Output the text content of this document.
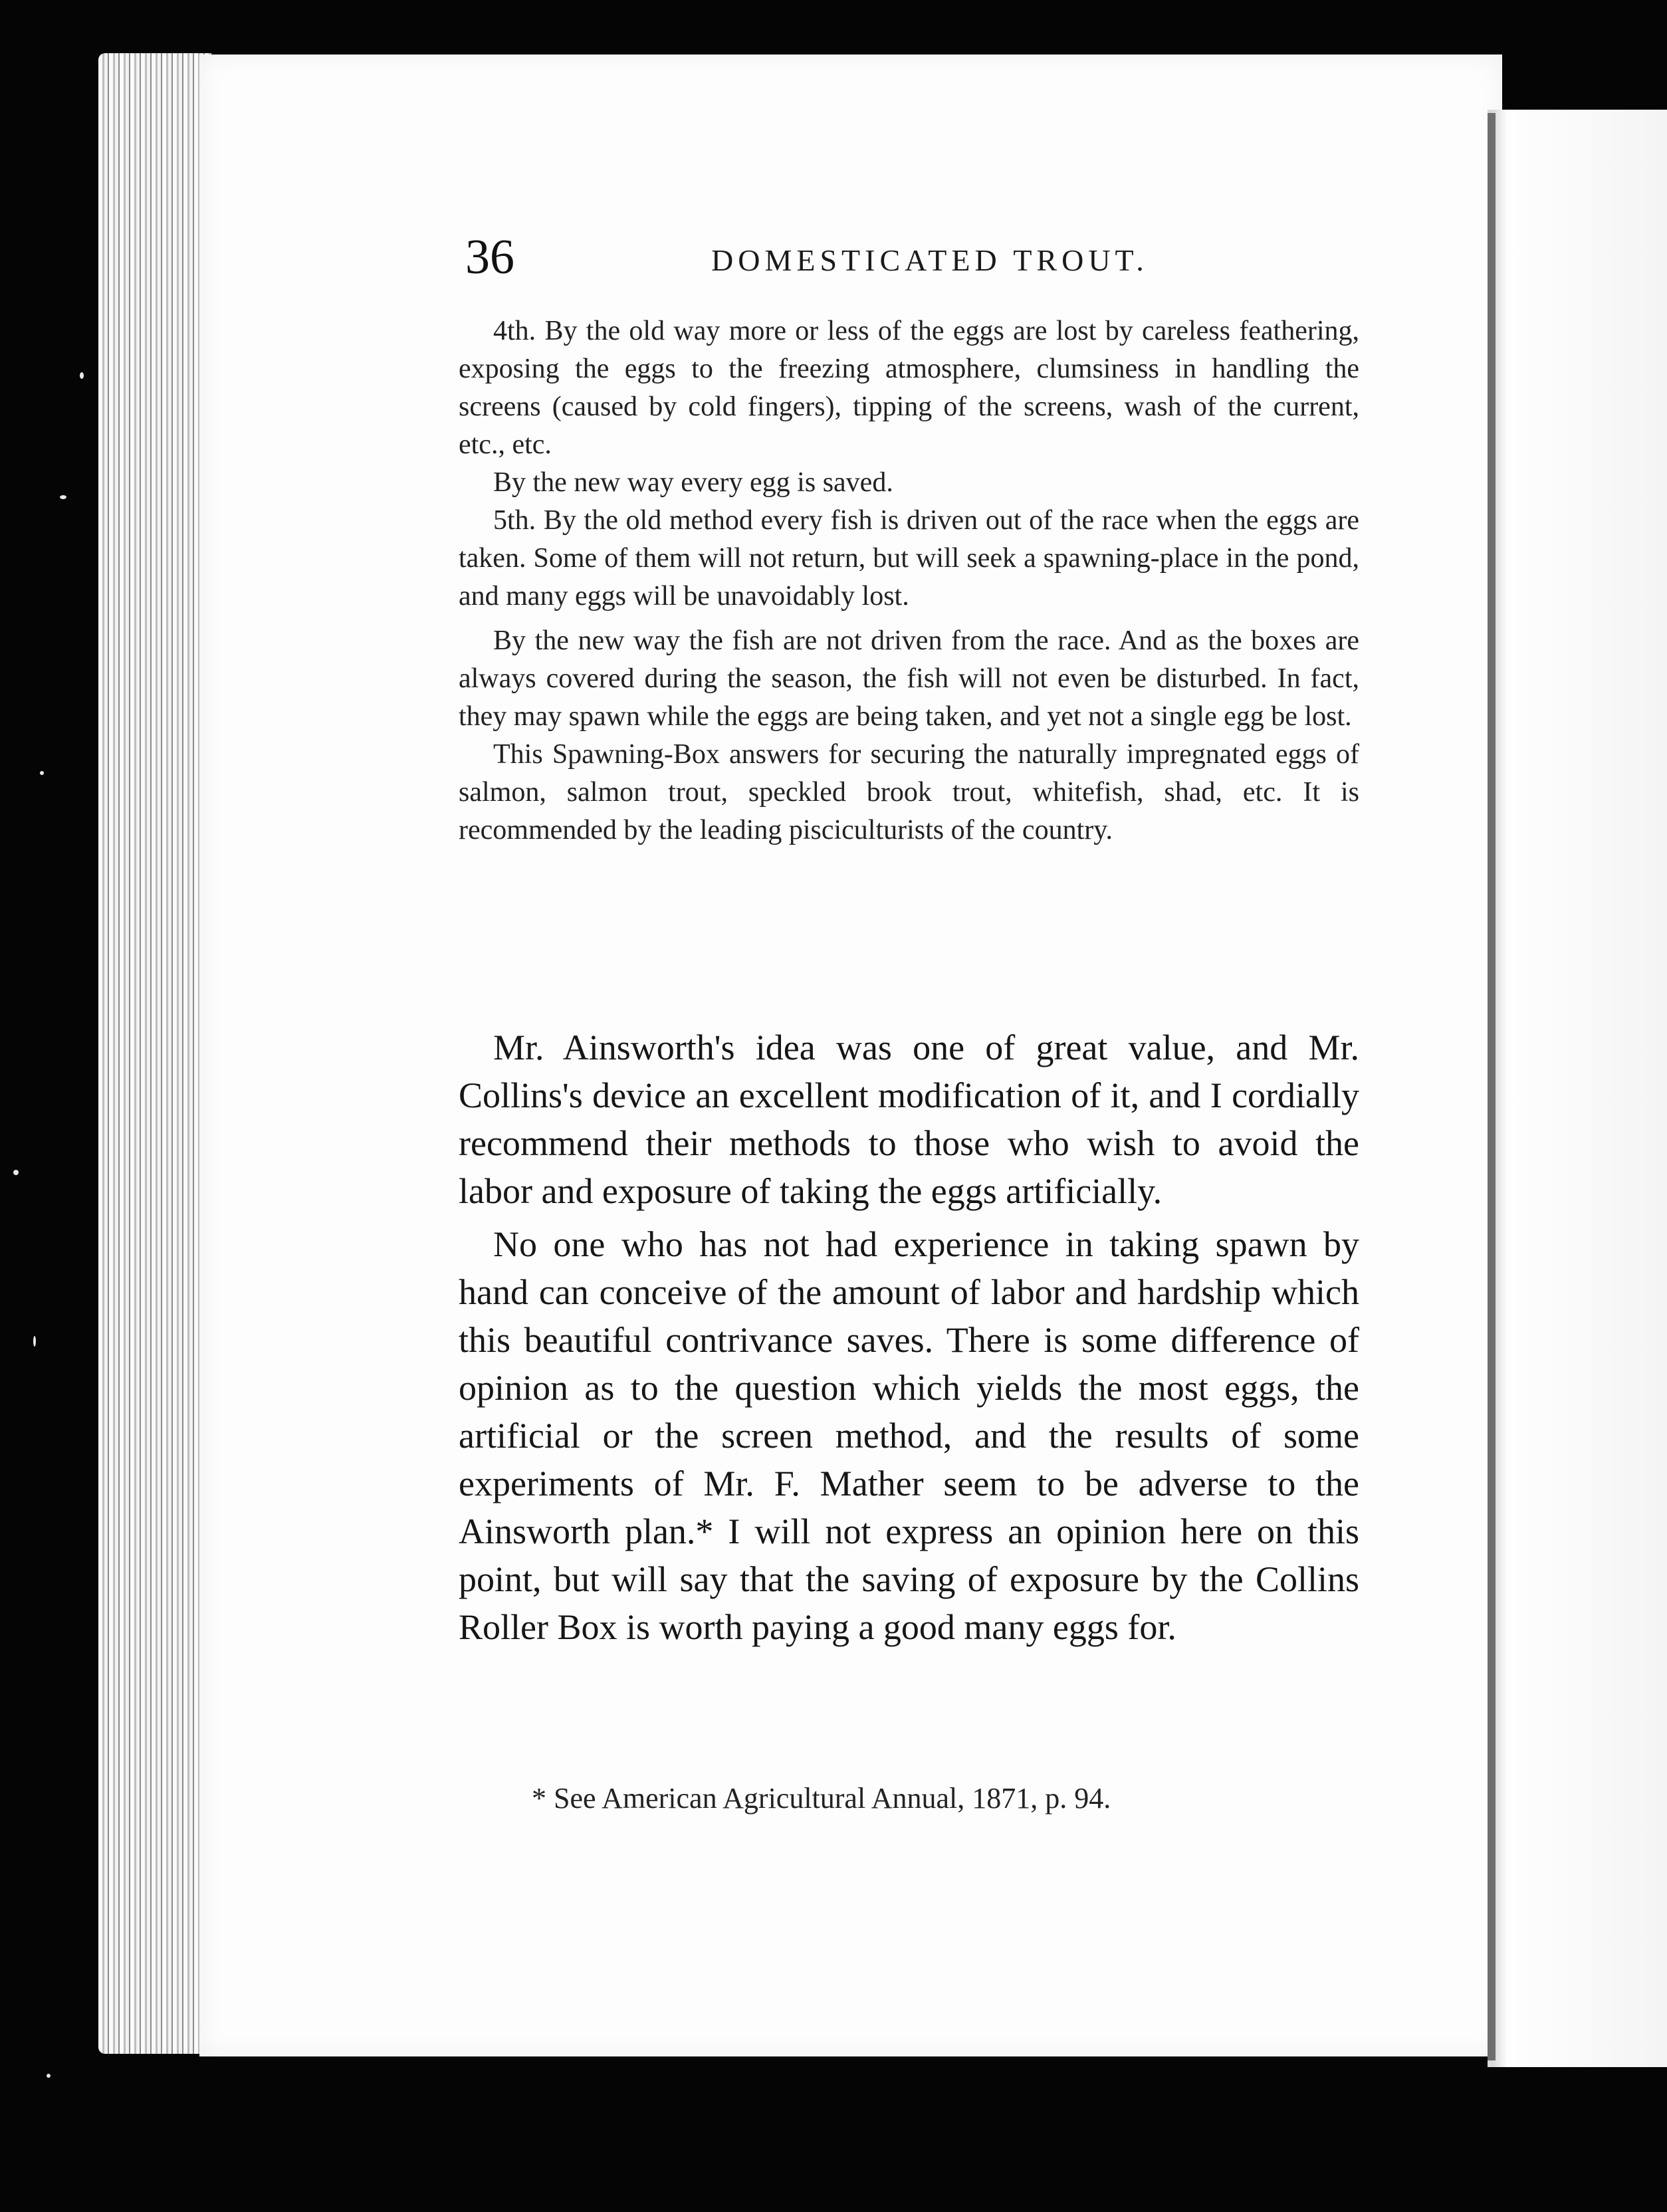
36	DOMESTICATED TROUT.

4th. By the old way more or less of the eggs are lost by careless feathering, exposing the eggs to the freezing atmosphere, clumsiness in handling the screens (caused by cold fingers), tipping of the screens, wash of the current, etc., etc.

By the new way every egg is saved.

5th. By the old method every fish is driven out of the race when the eggs are taken. Some of them will not return, but will seek a spawning-place in the pond, and many eggs will be unavoidably lost.

By the new way the fish are not driven from the race. And as the boxes are always covered during the season, the fish will not even be disturbed. In fact, they may spawn while the eggs are being taken, and yet not a single egg be lost.

This Spawning-Box answers for securing the naturally impregnated eggs of salmon, salmon trout, speckled brook trout, whitefish, shad, etc. It is recommended by the leading pisciculturists of the country.

Mr. Ainsworth's idea was one of great value, and Mr. Collins's device an excellent modification of it, and I cordially recommend their methods to those who wish to avoid the labor and exposure of taking the eggs artificially.

No one who has not had experience in taking spawn by hand can conceive of the amount of labor and hardship which this beautiful contrivance saves. There is some difference of opinion as to the question which yields the most eggs, the artificial or the screen method, and the results of some experiments of Mr. F. Mather seem to be adverse to the Ainsworth plan.* I will not express an opinion here on this point, but will say that the saving of exposure by the Collins Roller Box is worth paying a good many eggs for.

* See American Agricultural Annual, 1871, p. 94.
